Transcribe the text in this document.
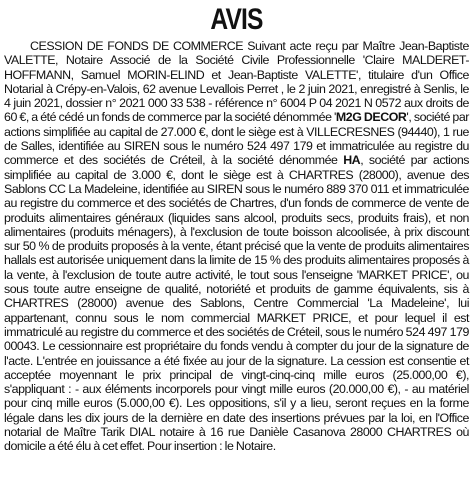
AVIS

CESSION DE FONDS DE COMMERCE Suivant acte reçu par Maître Jean-Baptiste VALETTE, Notaire Associé de la Société Civile Professionnelle 'Claire MALDERET-HOFFMANN, Samuel MORIN-ELIND et Jean-Baptiste VALETTE', titulaire d'un Office Notarial à Crépy-en-Valois, 62 avenue Levallois Perret , le 2 juin 2021, enregistré à Senlis, le 4 juin 2021, dossier n° 2021 000 33 538 - référence n° 6004 P 04 2021 N 0572 aux droits de 60 €, a été cédé un fonds de commerce par la société dénommée 'M2G DECOR', société par actions simplifiée au capital de 27.000 €, dont le siège est à VILLECRESNES (94440), 1 rue de Salles, identifiée au SIREN sous le numéro 524 497 179 et immatriculée au registre du commerce et des sociétés de Créteil, à la société dénommée HA, société par actions simplifiée au capital de 3.000 €, dont le siège est à CHARTRES (28000), avenue des Sablons CC La Madeleine, identifiée au SIREN sous le numéro 889 370 011 et immatriculée au registre du commerce et des sociétés de Chartres, d'un fonds de commerce de vente de produits alimentaires généraux (liquides sans alcool, produits secs, produits frais), et non alimentaires (produits ménagers), à l'exclusion de toute boisson alcoolisée, à prix discount sur 50 % de produits proposés à la vente, étant précisé que la vente de produits alimentaires hallals est autorisée uniquement dans la limite de 15 % des produits alimentaires proposés à la vente, à l'exclusion de toute autre activité, le tout sous l'enseigne 'MARKET PRICE', ou sous toute autre enseigne de qualité, notoriété et produits de gamme équivalents, sis à CHARTRES (28000) avenue des Sablons, Centre Commercial 'La Madeleine', lui appartenant, connu sous le nom commercial MARKET PRICE, et pour lequel il est immatriculé au registre du commerce et des sociétés de Créteil, sous le numéro 524 497 179 00043. Le cessionnaire est propriétaire du fonds vendu à compter du jour de la signature de l'acte. L'entrée en jouissance a été fixée au jour de la signature. La cession est consentie et acceptée moyennant le prix principal de vingt-cinq-cinq mille euros (25.000,00 €), s'appliquant : - aux éléments incorporels pour vingt mille euros (20.000,00 €), - au matériel pour cinq mille euros (5.000,00 €). Les oppositions, s'il y a lieu, seront reçues en la forme légale dans les dix jours de la dernière en date des insertions prévues par la loi, en l'Office notarial de Maître Tarik DIAL notaire à 16 rue Danièle Casanova 28000 CHARTRES où domicile a été élu à cet effet. Pour insertion : le Notaire.
